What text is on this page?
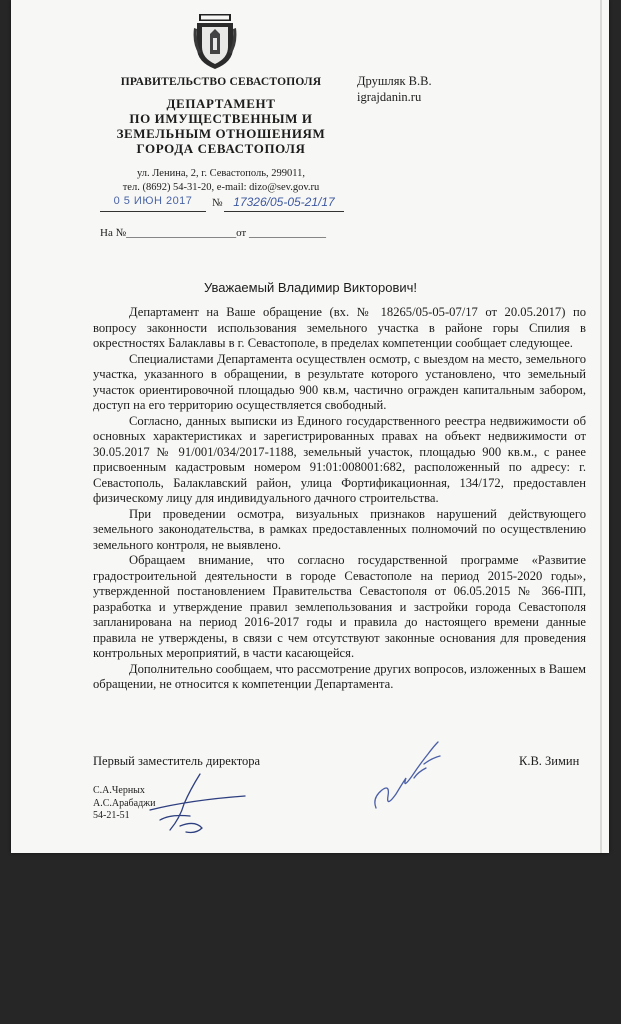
ПРАВИТЕЛЬСТВО СЕВАСТОПОЛЯ
ДЕПАРТАМЕНТ
ПО ИМУЩЕСТВЕННЫМ И
ЗЕМЕЛЬНЫМ ОТНОШЕНИЯМ
ГОРОДА СЕВАСТОПОЛЯ
ул. Ленина, 2, г. Севастополь, 299011,
тел. (8692) 54-31-20, e-mail: dizo@sev.gov.ru
Друшляк В.В.
igrajdanin.ru
0 5 ИЮН 2017	№ 17326/05-05-21/17
На №____________________от ______________
Уважаемый Владимир Викторович!

Департамент на Ваше обращение (вх. № 18265/05-05-07/17 от 20.05.2017) по вопросу законности использования земельного участка в районе горы Спилия в окрестностях Балаклавы в г. Севастополе, в пределах компетенции сообщает следующее.

Специалистами Департамента осуществлен осмотр, с выездом на место, земельного участка, указанного в обращении, в результате которого установлено, что земельный участок ориентировочной площадью 900 кв.м, частично огражден капитальным забором, доступ на его территорию осуществляется свободный.

Согласно, данных выписки из Единого государственного реестра недвижимости об основных характеристиках и зарегистрированных правах на объект недвижимости от 30.05.2017 № 91/001/034/2017-1188, земельный участок, площадью 900 кв.м., с ранее присвоенным кадастровым номером 91:01:008001:682, расположенный по адресу: г. Севастополь, Балаклавский район, улица Фортификационная, 134/172, предоставлен физическому лицу для индивидуального дачного строительства.

При проведении осмотра, визуальных признаков нарушений действующего земельного законодательства, в рамках предоставленных полномочий по осуществлению земельного контроля, не выявлено.

Обращаем внимание, что согласно государственной программе «Развитие градостроительной деятельности в городе Севастополе на период 2015-2020 годы», утвержденной постановлением Правительства Севастополя от 06.05.2015 № 366-ПП, разработка и утверждение правил землепользования и застройки города Севастополя запланирована на период 2016-2017 годы и правила до настоящего времени данные правила не утверждены, в связи с чем отсутствуют законные основания для проведения контрольных мероприятий, в части касающейся.

Дополнительно сообщаем, что рассмотрение других вопросов, изложенных в Вашем обращении, не относится к компетенции Департамента.

Первый заместитель директора	К.В. Зимин
С.А.Черных
А.С.Арабаджи
54-21-51
